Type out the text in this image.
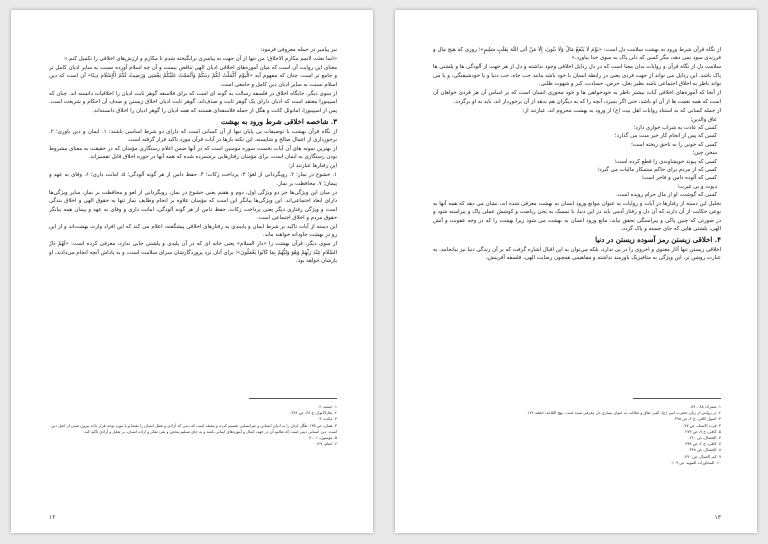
نیز پیامبر در جمله معروفی فرمود:

«انما بعثت لاتمم مکارم الاخلاق؛ من تنها از آن جهت به پیامبری برانگیخته شدم تا مکارم و ارزش‌های اخلاقی را تکمیل کنم.»

معنای این روایت آن است که میان آموزه‌های اخلاقی ادیان الهی تناقض نیست و آن چه اسلام آورده نسبت به سایر ادیان کامل تر و جامع تر است. چنان که مفهوم آیه «الْیَوْمَ أَکْمَلْتُ لَکُمْ دِینَکُمْ وَأَتْمَمْتُ عَلَیْکُمْ نِعْمَتِی وَرَضِیتُ لَکُمُ الْإِسْلَامَ دِینًا» آن است که دین اسلام نسبت به سایر ادیان دین کامل و جامعی است.

از سوی دیگر، جایگاه اخلاق در فلسفه رسالت به گونه ای است که برای فلاسفه گوهر ثابت ادیان را اخلاقیات دانسته اند. چنان که اسپینوزا معتقد است که ادیان دارای یک گوهر ثابت و صدف‌اند. گوهر ثابت ادیان اخلاق زیستن و صدف آن احکام و شریعت است. پس از اسپینوزا، امانوئل کانت و هگل از جمله فلاسفه‌ای هستند که همه ادیان را گوهر ادیان را اخلاق دانسته‌اند.

۳. شاخصه اخلاقی شرط ورود به بهشت

از نگاه قرآن بهشت با توصیفات بی پایان تنها از آن کسانی است که دارای دو شرط اساسی باشند: ۱. ایمان و دین باوری؛ ۲. برخورداری از اعمال صالح و شایسته. این نکته بارها در آیات قرآن مورد تاکید قرار گرفته است.

از بهترین نمونه های آن آیات نخست سوره مومنین است که در آنها ضمن اعلام رستگاری مؤمنان که در حقیقت به معنای مشروط بودن رستگاری به ایمان است، برای مؤمنان رفتارهایی برشمرده شده که همه آنها در حوزه اخلاق قابل تفسیراند.

این رفتارها عبارتند از:

۱. خشوع در نماز؛ ۲. رویگردانی از لغو؛ ۳. پرداخت زکات؛ ۴. حفظ دامن از هر گونه آلودگی؛ ۵. امانت داری؛ ۶. وفای به عهد و پیمان؛ ۷. محافظت بر نماز.

در میان این ویژگی‌ها جز دو ویژگی اول، دوم و هفتم یعنی خشوع در نماز، رویگردانی از لغو و محافظت بر نماز، سایر ویژگی‌ها دارای ابعاد اجتماعی‌اند. این ویژگی‌ها بیانگر این است که مؤمنان علاوه بر انجام وظایف نماز تنها به حقوق الهی و اخلاق بندگی است و ویژگی رفتاری دیگر یعنی پرداخت زکات، حفظ دامن از هر گونه آلودگی، امانت داری و وفای به عهد و پیمان همه بیانگر حقوق مردم و اخلاق اجتماعی است.

این دسته از آیات تاکید بر شرط ایمان و پایبندی به رفتارهای اخلاقی پیشگفته، اعلام می کند که این افراد وارث بهشت‌اند و از این رو در بهشت جاودانه خواهند ماند.

از سوی دیگر، قرآن بهشت را «دار السلام» یعنی خانه ای که در آن پلیدی و پلشتی جایی ندارد، معرفی کرده است: «لَهُمْ دَارُ السَّلَامِ عِنْدَ رَبِّهِمْ وَهُوَ وَلِیُّهُمْ بِمَا کَانُوا یَعْمَلُونَ»؛ برای آنان نزد پروردگارشان سرای سلامت است، و به پاداش آنچه انجام می‌دادند، او یارشان خواهد بود.

۱. جمعه، ۲.

۲. بحارالانوار، ج ۶۸، ص ۳۸۲.

۳. مائده، ۳.

۴. همان، ص ۱۳۵. هگل ادیان را به ادیان انسانی و غیرانسانی تقسیم کرده و معتقد است که دینی که آزادی و تعقل انسان را نقضا و یا مورد توجه قرار داده بیرون شدن از اصل دین است. دین انسانی دینی است که تعالیم آن در جهت کمال و آموزه‌های ایمانی باشد و به جای تسلیم محض و نفی تفکر و اراده انسان، بر تعقل و آزادی تأکید کند.

۵. مؤمنون، ۱ – ۹.

۶. انعام، ۱۲۷.

۱۲

از نگاه قرآن شرط ورود به بهشت سلامت دل است: «یَوْمَ لَا یَنْفَعُ مَالٌ وَلَا بَنُونَ، إِلَّا مَنْ أَتَى اللَّهَ بِقَلْبٍ سَلِیمٍ»؛ روزی که هیچ مال و فرزندی سود نمی دهد، مگر کسی که دلی پاک به سوی خدا بیاورد.»

سلامت دل از نگاه قرآن و روایات بدان معنا است که در دل رذایل اخلاقی وجود نداشته و دل از هر جهت از آلودگی ها و پلشتی ها پاک باشد. این رذایل می تواند از جهت فردی یعنی در رابطه انسان با خود باشد مانند حب جاه، حب دنیا و یا خودشیفتگی، و یا می تواند ناظر به اخلاق اجتماعی باشد نظیر بخل، حرص، حسادت، کبر و شهوت طلبی.

از آنجا که آموزه‌های اخلاقی آیات بیشتر ناظر به خودخواهی ها و خود محوری انسان است که بر اساس آن هر فردی خواهان آن است که همه نعمت ها از آن او باشد، حتی اگر بمیرد، آنچه را که به دیگران هم بدهد از آن برخوردار اند، باید به او برگردد.

از جمله کسانی که به استناد روایات اهل بیت (ع) از ورود به بهشت محروم اند، عبارتند از:

عاق والدین؛

کسی که عادت به شراب خواری دارد؛

کسی که پس از انجام کار خیر منت می گذارد؛

کسی که خونی را به ناحق ریخته است؛

سخن چین؛

کسی که پیوند خویشاوندی را قطع کرده است؛

کسی که از مردم برای حاکم ستمکار مالیات می گیرد؛

کسی که آلوده دامن و فاجر است؛

دیوث و بی غیرت؛

کسی که گوشت، او از مال حرام رویده است.

تحلیل این دسته از رفتارها در آیات و روایات به عنوان موانع ورود انسان به بهشت معرفی شده اند، نشان می دهد که همه آنها به نوعی حکایت از آن دارند که آن دل و رفتار آدمی باید در این دنیا، با تمسک به یَحیَ ریاضت و کوشش عملی پاک و پیراسته شود و در صورتی که چنین پاکی و پیراستگی تحقق نیابد، مانع ورود انسان به بهشت می شود زیرا بهشت را که در وجه عقوبت و آتش الهی، پلشتی هایی که جای جسته و پاک گردد.

۴. اخلاقی زیستن رمز آسوده زیستن در دنیا

اخلاقی زیستن تنها آثار معنوی و اخروی را در پی ندارد، بلکه می‌توان به این اقبال اشاره گرفت که بر آن زندگی دنیا نیز بیانجامد. به عبارت روشن تر، این ویژگی به متافیزیک باورمند نداشته و مفاهیمی همچون رضایت الهی، فلسفه آفرینش،

۱. شعراء، ۸۸ – ۸۹.

۲. در روایتی از زبان حضرت امیر (ع)، کفر، نفاق و ضلالت به عنوان بیماری دل معرفی شده است. نهج البلاغه، خطبه ۱۷۶.

۳. اصول کافی، ج ۶، ص ۳۹۸.

۴. قرب الاسناد، ص ۷۷.

۵. کافی، ج ۷، ص ۲۷۳.

۶. الخصال، ص ۲۲۰.

۷. کافی، ج ۲، ص ۳۴۸.

۸. الخصال، ص ۴۳۸.

۹. کنز العمال، ص ۳۹۰.

۱۰. المحاورات النبویه، ص ۱۰۹.

۱۳
